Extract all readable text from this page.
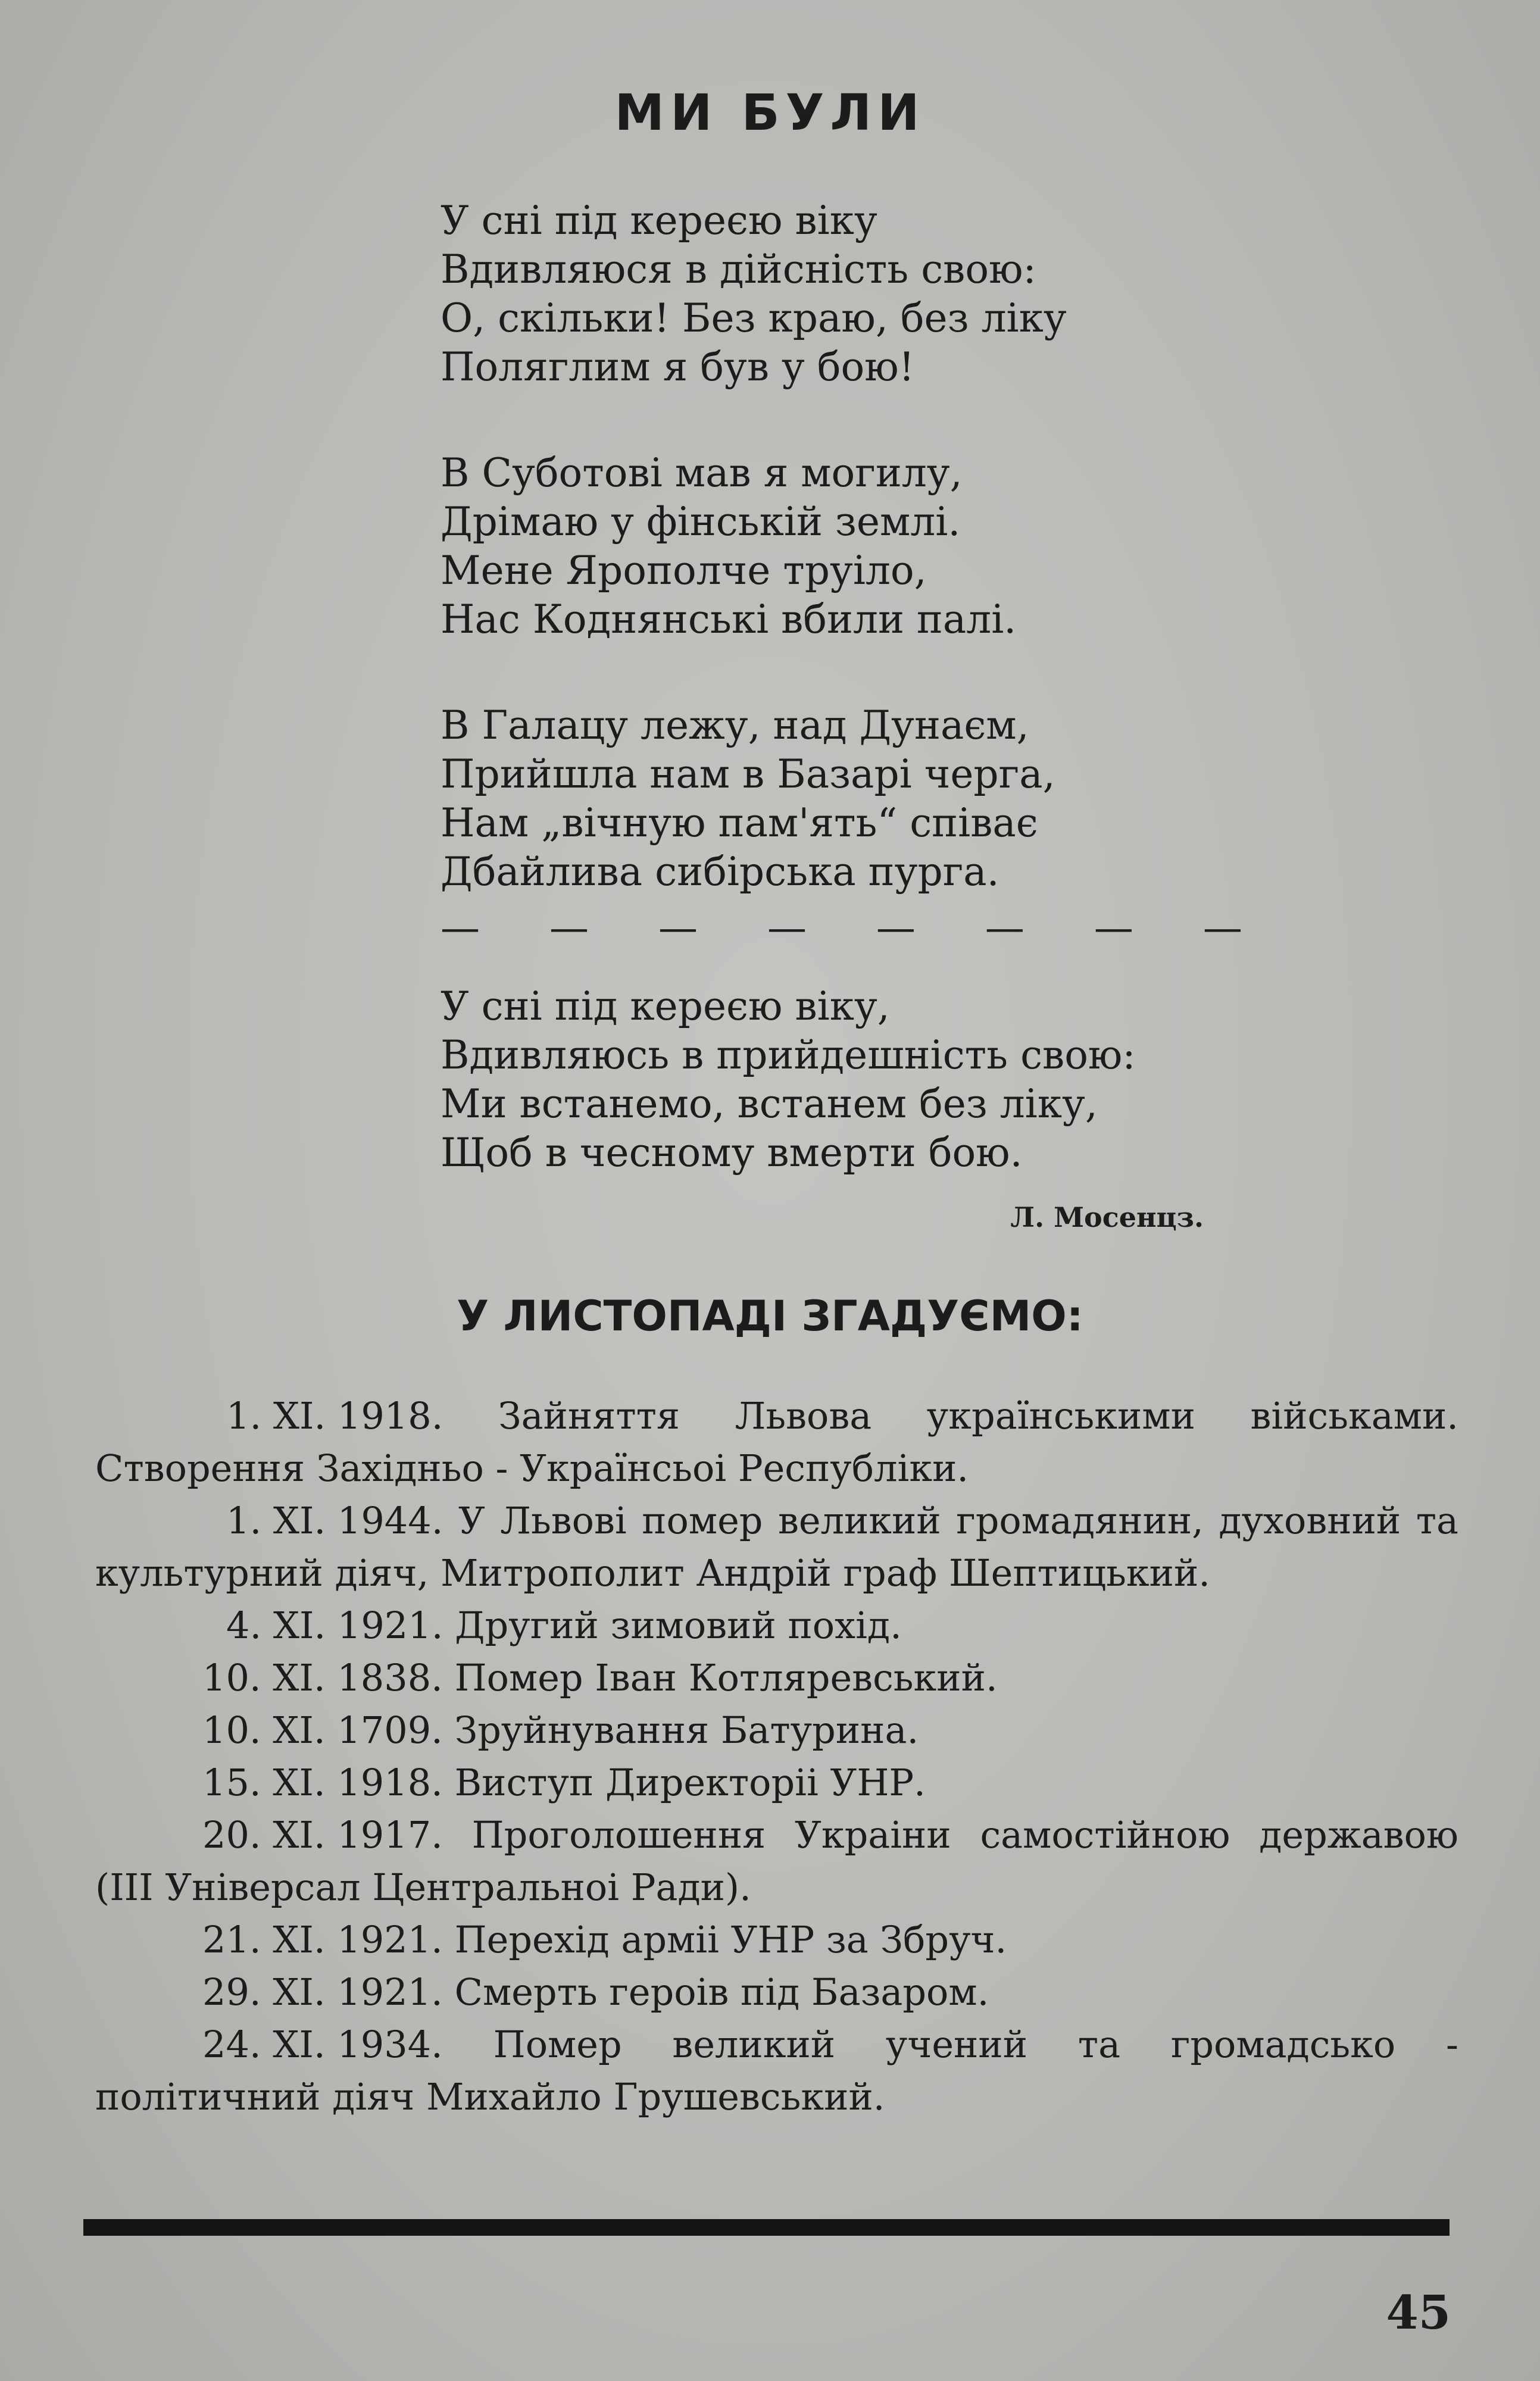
МИ БУЛИ
У сні під кереєю віку
Вдивляюся в дійсність свою:
О, скільки! Без краю, без ліку
Поляглим я був у бою!
В Суботові мав я могилу,
Дрімаю у фінській землі.
Мене Ярополче труіло,
Нас Коднянські вбили палі.
В Галацу лежу, над Дунаєм,
Прийшла нам в Базарі черга,
Нам „вічную пам'ять“ співає
Дбайлива сибірська пурга.
— — — — — — — —
У сні під кереєю віку,
Вдивляюсь в прийдешність свою:
Ми встанемо, встанем без ліку,
Щоб в чесному вмерти бою.
Л. Мосенцз.
У ЛИСТОПАДІ ЗГАДУЄМО:
1. XI. 1918. Зайняття Львова українськими військами. Створення Західньо - Українсьoi Республіки.
1. XI. 1944. У Львові помер великий громадянин, духовний та культурний діяч, Митрополит Андрій граф Шептицький.
4. XI. 1921. Другий зимовий похід.
10. XI. 1838. Помер Іван Котляревський.
10. XI. 1709. Зруйнування Батурина.
15. XI. 1918. Виступ Директоріі УНР.
20. XI. 1917. Проголошення Украіни самостійною державою (III Універсал Центральноi Ради).
21. XI. 1921. Перехід арміі УНР за Збруч.
29. XI. 1921. Смерть героів під Базаром.
24. XI. 1934. Помер великий учений та громадсько - політичний діяч Михайло Грушевський.
45
